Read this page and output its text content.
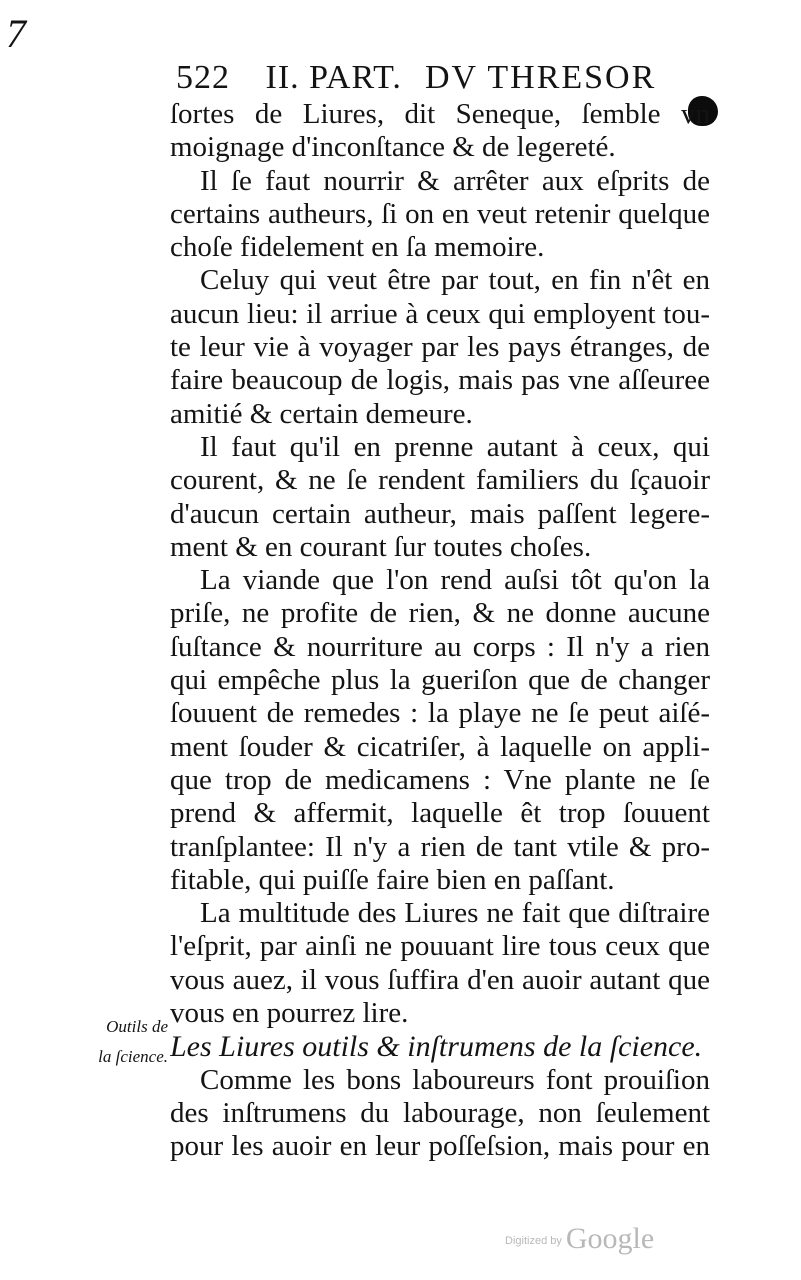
7
522 II. PART. DV THRESOR
ſortes de Liures, dit Seneque, ſemble vn
moignage d'inconſtance & de legereté.
Il ſe faut nourrir & arrêter aux eſprits de
certains autheurs, ſi on en veut retenir quelque
choſe fidelement en ſa memoire.
Celuy qui veut être par tout, en fin n'êt en
aucun lieu: il arriue à ceux qui employent tou-
te leur vie à voyager par les pays étranges, de
faire beaucoup de logis, mais pas vne aſſeuree
amitié & certain demeure.
Il faut qu'il en prenne autant à ceux, qui
courent, & ne ſe rendent familiers du ſçauoir
d'aucun certain autheur, mais paſſent legere-
ment & en courant ſur toutes choſes.
La viande que l'on rend auſsi tôt qu'on la
priſe, ne profite de rien, & ne donne aucune
ſuſtance & nourriture au corps : Il n'y a rien
qui empêche plus la gueriſon que de changer
ſouuent de remedes : la playe ne ſe peut aiſé-
ment ſouder & cicatriſer, à laquelle on appli-
que trop de medicamens : Vne plante ne ſe
prend & affermit, laquelle êt trop ſouuent
tranſplantee: Il n'y a rien de tant vtile & pro-
fitable, qui puiſſe faire bien en paſſant.
La multitude des Liures ne fait que diſtraire
l'eſprit, par ainſi ne pouuant lire tous ceux que
vous auez, il vous ſuffira d'en auoir autant que
vous en pourrez lire.
Les Liures outils & inſtrumens de la ſcience.
Comme les bons laboureurs font prouiſion
des inſtrumens du labourage, non ſeulement
pour les auoir en leur poſſeſsion, mais pour en
Outils de
la ſcience.
$^{Digitized by}$ Google
